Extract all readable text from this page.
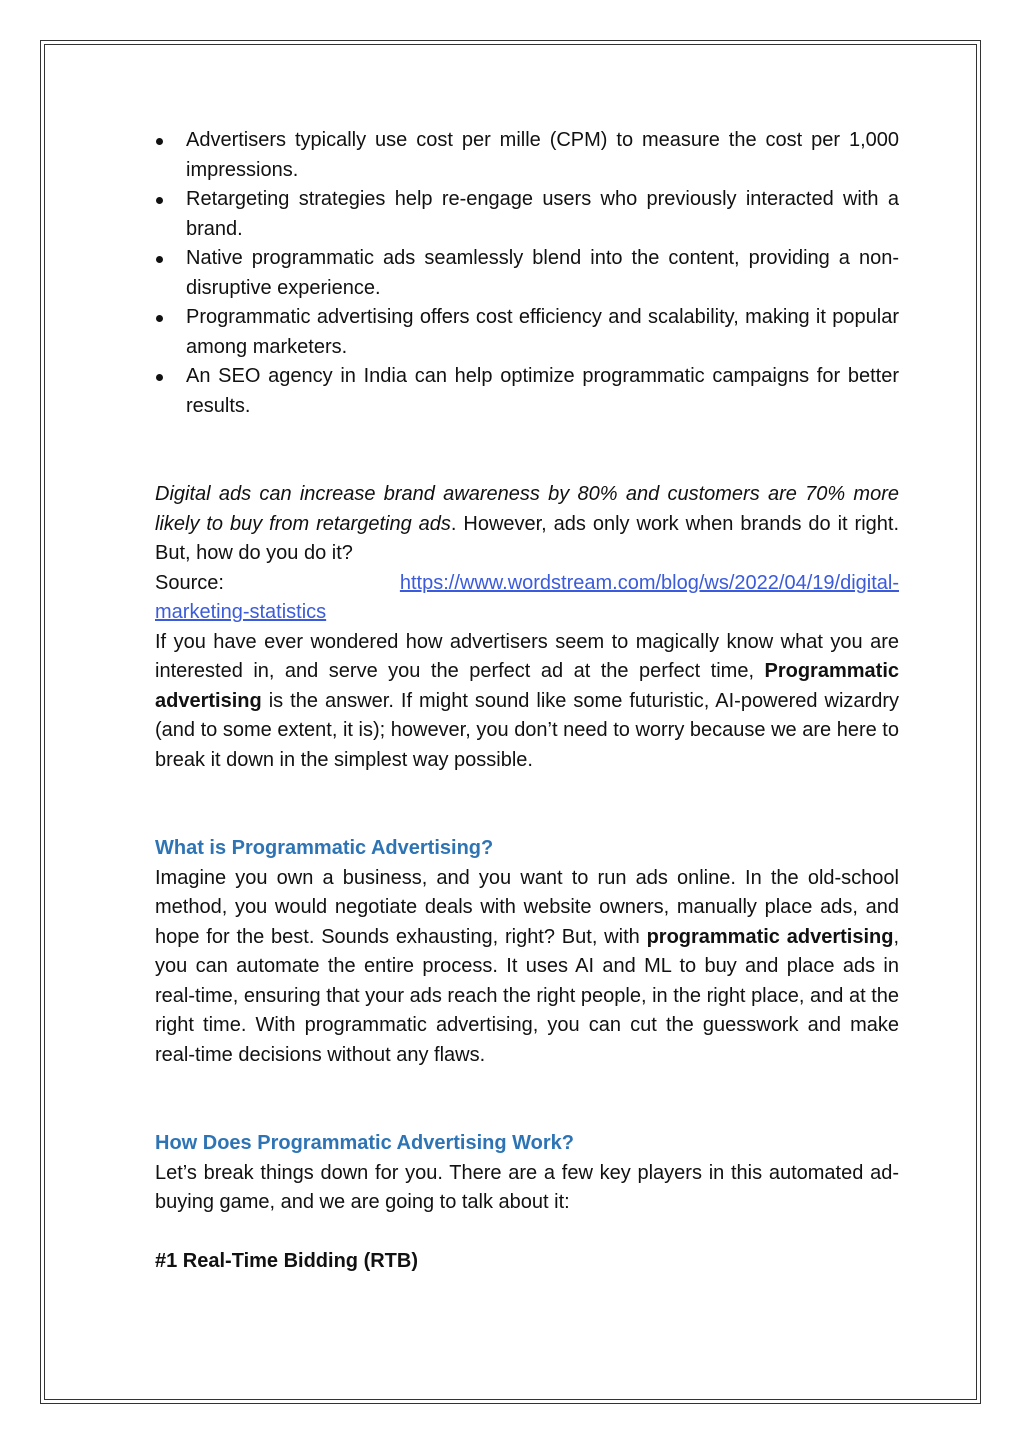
Advertisers typically use cost per mille (CPM) to measure the cost per 1,000 impressions.
Retargeting strategies help re-engage users who previously interacted with a brand.
Native programmatic ads seamlessly blend into the content, providing a non-disruptive experience.
Programmatic advertising offers cost efficiency and scalability, making it popular among marketers.
An SEO agency in India can help optimize programmatic campaigns for better results.

Digital ads can increase brand awareness by 80% and customers are 70% more likely to buy from retargeting ads. However, ads only work when brands do it right. But, how do you do it?

Source:	https://www.wordstream.com/blog/ws/2022/04/19/digital-
marketing-statistics

If you have ever wondered how advertisers seem to magically know what you are interested in, and serve you the perfect ad at the perfect time, Programmatic advertising is the answer. If might sound like some futuristic, AI-powered wizardry (and to some extent, it is); however, you don’t need to worry because we are here to break it down in the simplest way possible.

What is Programmatic Advertising?

Imagine you own a business, and you want to run ads online. In the old-school method, you would negotiate deals with website owners, manually place ads, and hope for the best. Sounds exhausting, right? But, with programmatic advertising, you can automate the entire process. It uses AI and ML to buy and place ads in real-time, ensuring that your ads reach the right people, in the right place, and at the right time. With programmatic advertising, you can cut the guesswork and make real-time decisions without any flaws.

How Does Programmatic Advertising Work?

Let’s break things down for you. There are a few key players in this automated ad-buying game, and we are going to talk about it:

#1 Real-Time Bidding (RTB)
